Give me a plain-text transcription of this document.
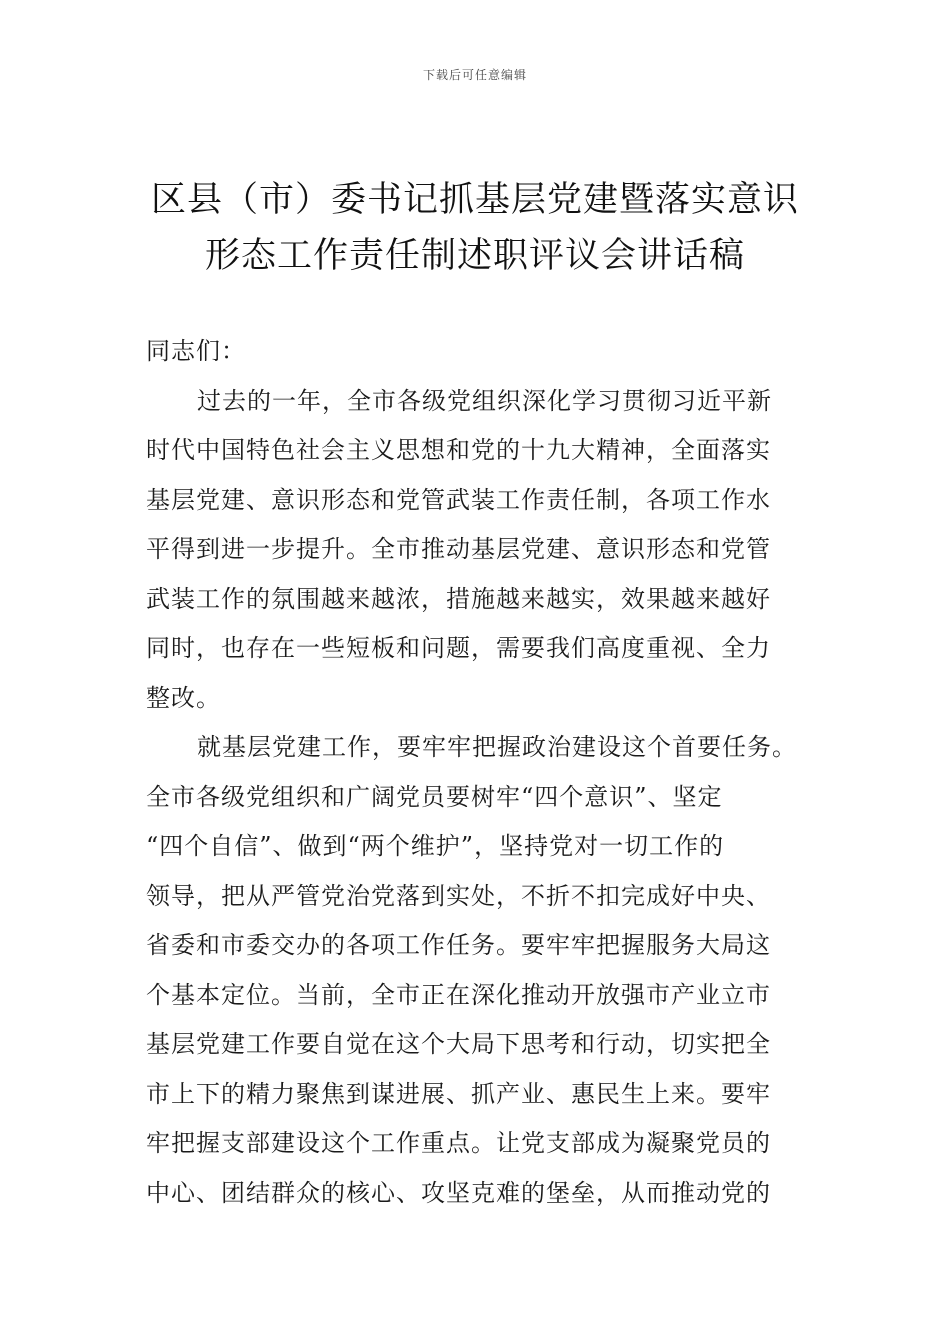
下载后可任意编辑
区县（市）委书记抓基层党建暨落实意识
形态工作责任制述职评议会讲话稿
同志们：
过去的一年，全市各级党组织深化学习贯彻习近平新
时代中国特色社会主义思想和党的十九大精神，全面落实
基层党建、意识形态和党管武装工作责任制，各项工作水
平得到进一步提升。全市推动基层党建、意识形态和党管
武装工作的氛围越来越浓，措施越来越实，效果越来越好
同时，也存在一些短板和问题，需要我们高度重视、全力
整改。
就基层党建工作，要牢牢把握政治建设这个首要任务。
全市各级党组织和广阔党员要树牢“四个意识”、坚定
“四个自信”、做到“两个维护”，坚持党对一切工作的
领导，把从严管党治党落到实处，不折不扣完成好中央、
省委和市委交办的各项工作任务。要牢牢把握服务大局这
个基本定位。当前，全市正在深化推动开放强市产业立市
基层党建工作要自觉在这个大局下思考和行动，切实把全
市上下的精力聚焦到谋进展、抓产业、惠民生上来。要牢
牢把握支部建设这个工作重点。让党支部成为凝聚党员的
中心、团结群众的核心、攻坚克难的堡垒，从而推动党的
